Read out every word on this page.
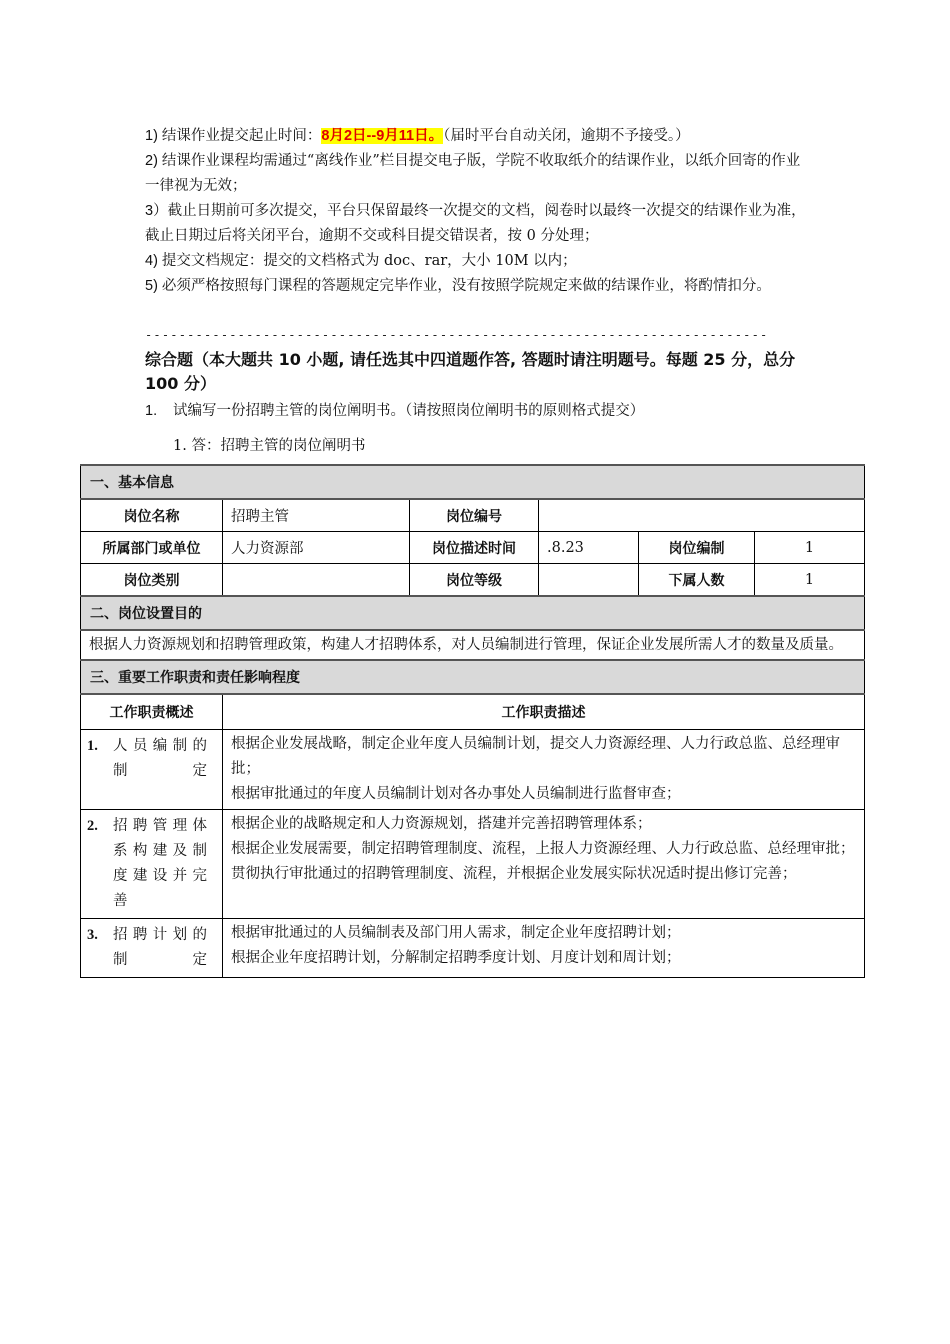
1) 结课作业提交起止时间：8月2日--9月11日。（届时平台自动关闭，逾期不予接受。）

2) 结课作业课程均需通过“离线作业”栏目提交电子版，学院不收取纸介的结课作业，以纸介回寄的作业一律视为无效；

3）截止日期前可多次提交，平台只保留最终一次提交的文档，阅卷时以最终一次提交的结课作业为准，截止日期过后将关闭平台，逾期不交或科目提交错误者，按 0 分处理；

4) 提交文档规定：提交的文档格式为 doc、rar，大小 10M 以内；

5) 必须严格按照每门课程的答题规定完毕作业，没有按照学院规定来做的结课作业，将酌情扣分。

--------------------------------------------------------------------------
综合题（本大题共 10 小题, 请任选其中四道题作答, 答题时请注明题号。每题 25 分，总分 100 分）
1. 试编写一份招聘主管的岗位阐明书。（请按照岗位阐明书的原则格式提交）
1. 答：招聘主管的岗位阐明书
一、基本信息					
岗位名称	招聘主管	岗位编号			
所属部门或单位	人力资源部	岗位描述时间	.8.23	岗位编制	1
岗位类别		岗位等级		下属人数	1
二、岗位设置目的					
根据人力资源规划和招聘管理政策，构建人才招聘体系，对人员编制进行管理，保证企业发展所需人才的数量及质量。					
三、重要工作职责和责任影响程度					
工作职责概述	工作职责描述				
1. 人员编制的制定	根据企业发展战略，制定企业年度人员编制计划，提交人力资源经理、人力行政总监、总经理审批；
根据审批通过的年度人员编制计划对各办事处人员编制进行监督审查；				

2. 招聘管理体系构建及制度建设并完善	根据企业的战略规定和人力资源规划，搭建并完善招聘管理体系；
根据企业发展需要，制定招聘管理制度、流程，上报人力资源经理、人力行政总监、总经理审批；
贯彻执行审批通过的招聘管理制度、流程，并根据企业发展实际状况适时提出修订完善；				

3. 招聘计划的制定	根据审批通过的人员编制表及部门用人需求，制定企业年度招聘计划；
根据企业年度招聘计划，分解制定招聘季度计划、月度计划和周计划；				
